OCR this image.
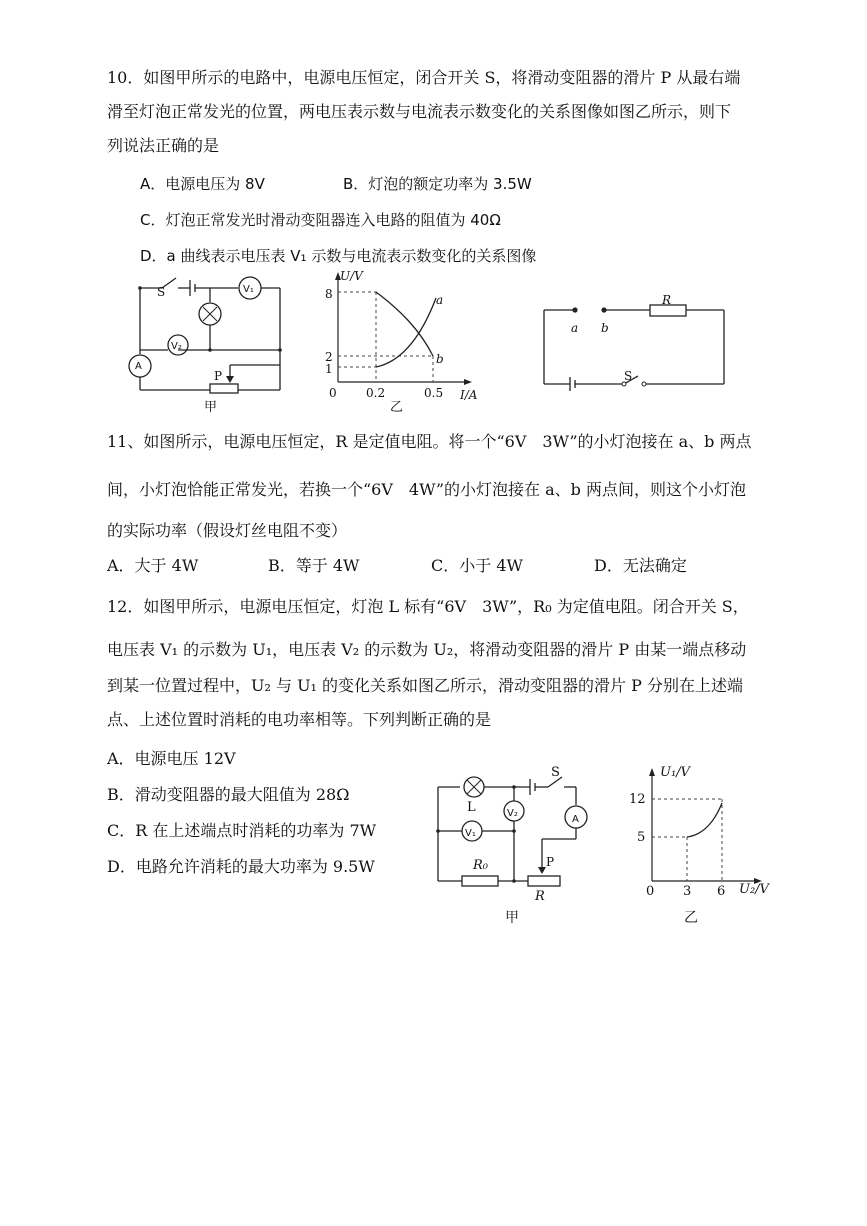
10．如图甲所示的电路中，电源电压恒定，闭合开关 S，将滑动变阻器的滑片 P 从最右端
滑至灯泡正常发光的位置，两电压表示数与电流表示数变化的关系图像如图乙所示，则下
列说法正确的是
A．电源电压为 8V	B．灯泡的额定功率为 3.5W
C．灯泡正常发光时滑动变阻器连入电路的阻值为 40Ω
D．a 曲线表示电压表 V₁ 示数与电流表示数变化的关系图像
S	V₁
V₂
A
P
甲
U/V
I/A
0
8
2
1
0.2	0.5
a
b
乙
a b
R
S
11、如图所示，电源电压恒定，R 是定值电阻。将一个“6V　3W”的小灯泡接在 a、b 两点
间，小灯泡恰能正常发光，若换一个“6V　4W”的小灯泡接在 a、b 两点间，则这个小灯泡
的实际功率（假设灯丝电阻不变）
A．大于 4W	B．等于 4W	C．小于 4W	D．无法确定
12．如图甲所示，电源电压恒定，灯泡 L 标有“6V　3W”，R₀ 为定值电阻。闭合开关 S，
电压表 V₁ 的示数为 U₁，电压表 V₂ 的示数为 U₂，将滑动变阻器的滑片 P 由某一端点移动
到某一位置过程中，U₂ 与 U₁ 的变化关系如图乙所示，滑动变阻器的滑片 P 分别在上述端
点、上述位置时消耗的电功率相等。下列判断正确的是
A．电源电压 12V
B．滑动变阻器的最大阻值为 28Ω
C．R 在上述端点时消耗的功率为 7W
D．电路允许消耗的最大功率为 9.5W
L
S
V₁
V₂
A
R₀	P
R
甲
U₁/V
U₂/V
0
12
5
3 6
乙
